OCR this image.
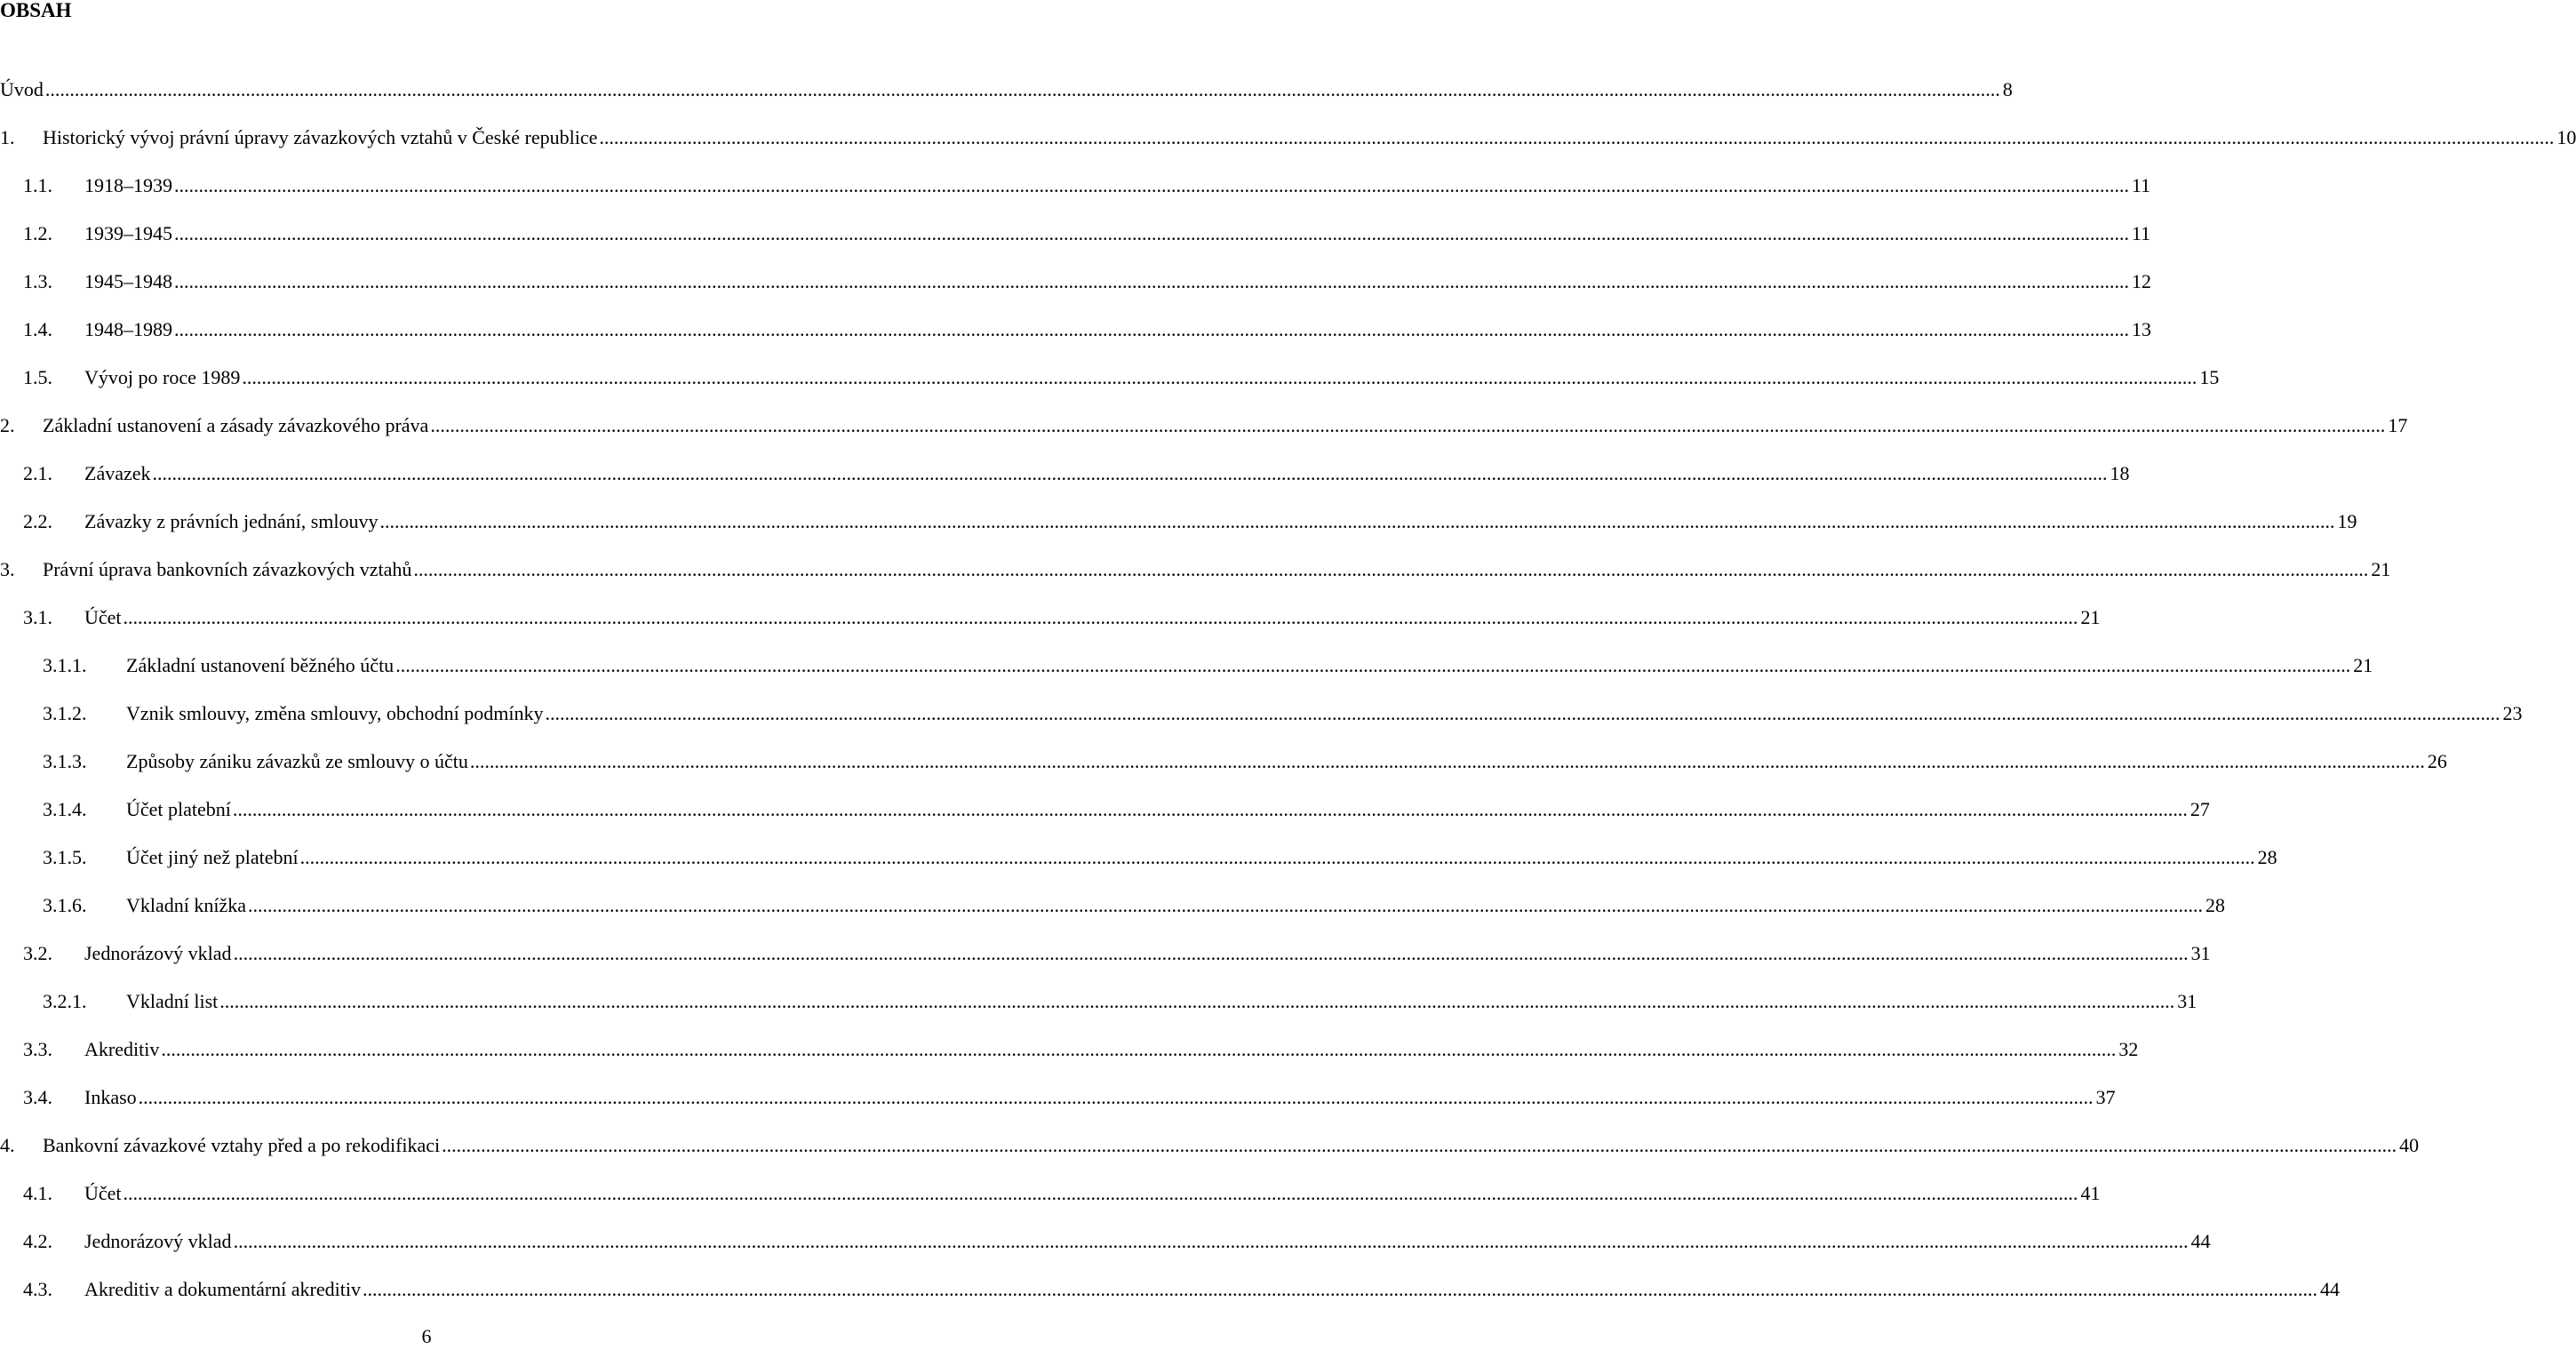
OBSAH
Úvod ................................................................................................................................................................................................................................................................................................................................................................................................................ 8
1. Historický vývoj právní úpravy závazkových vztahů v České republice ................................................................................................................................................................................................................................................................................................................................................................................................................ 10
1.1. 1918–1939 ................................................................................................................................................................................................................................................................................................................................................................................................................ 11
1.2. 1939–1945 ................................................................................................................................................................................................................................................................................................................................................................................................................ 11
1.3. 1945–1948 ................................................................................................................................................................................................................................................................................................................................................................................................................ 12
1.4. 1948–1989 ................................................................................................................................................................................................................................................................................................................................................................................................................ 13
1.5. Vývoj po roce 1989 ................................................................................................................................................................................................................................................................................................................................................................................................................ 15
2. Základní ustanovení a zásady závazkového práva ................................................................................................................................................................................................................................................................................................................................................................................................................ 17
2.1. Závazek ................................................................................................................................................................................................................................................................................................................................................................................................................ 18
2.2. Závazky z právních jednání, smlouvy ................................................................................................................................................................................................................................................................................................................................................................................................................ 19
3. Právní úprava bankovních závazkových vztahů ................................................................................................................................................................................................................................................................................................................................................................................................................ 21
3.1. Účet ................................................................................................................................................................................................................................................................................................................................................................................................................ 21
3.1.1. Základní ustanovení běžného účtu ................................................................................................................................................................................................................................................................................................................................................................................................................ 21
3.1.2. Vznik smlouvy, změna smlouvy, obchodní podmínky ................................................................................................................................................................................................................................................................................................................................................................................................................ 23
3.1.3. Způsoby zániku závazků ze smlouvy o účtu ................................................................................................................................................................................................................................................................................................................................................................................................................ 26
3.1.4. Účet platební ................................................................................................................................................................................................................................................................................................................................................................................................................ 27
3.1.5. Účet jiný než platební ................................................................................................................................................................................................................................................................................................................................................................................................................ 28
3.1.6. Vkladní knížka ................................................................................................................................................................................................................................................................................................................................................................................................................ 28
3.2. Jednorázový vklad ................................................................................................................................................................................................................................................................................................................................................................................................................ 31
3.2.1. Vkladní list ................................................................................................................................................................................................................................................................................................................................................................................................................ 31
3.3. Akreditiv ................................................................................................................................................................................................................................................................................................................................................................................................................ 32
3.4. Inkaso ................................................................................................................................................................................................................................................................................................................................................................................................................ 37
4. Bankovní závazkové vztahy před a po rekodifikaci ................................................................................................................................................................................................................................................................................................................................................................................................................ 40
4.1. Účet ................................................................................................................................................................................................................................................................................................................................................................................................................ 41
4.2. Jednorázový vklad ................................................................................................................................................................................................................................................................................................................................................................................................................ 44
4.3. Akreditiv a dokumentární akreditiv ................................................................................................................................................................................................................................................................................................................................................................................................................ 44
6
